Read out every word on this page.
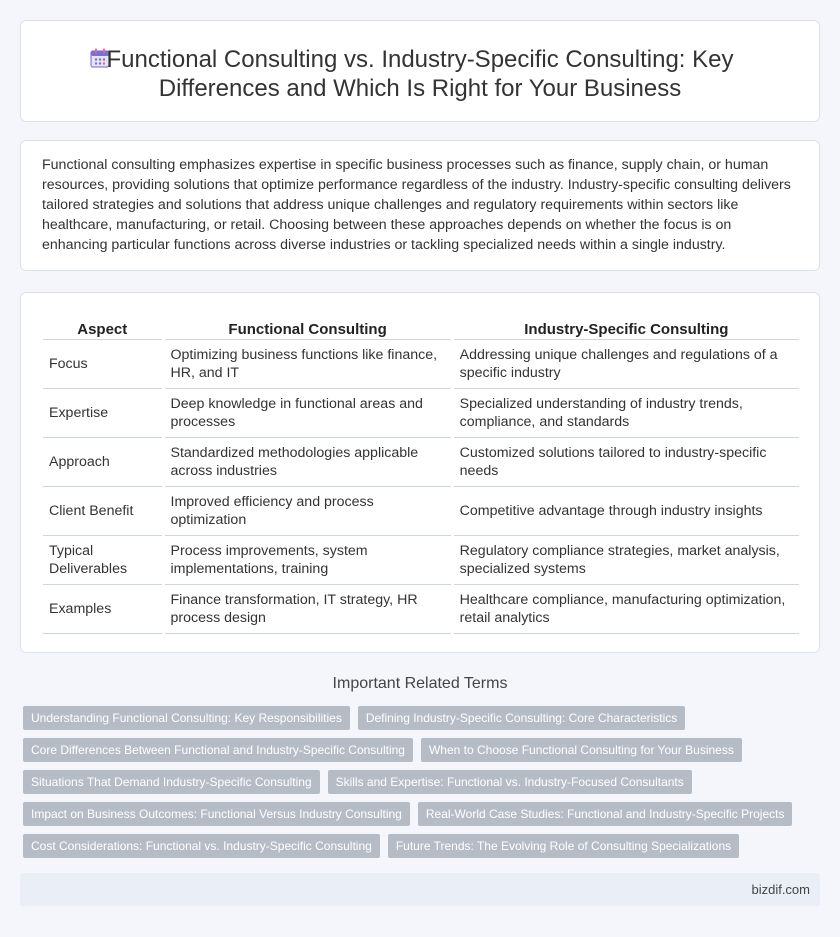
Functional Consulting vs. Industry-Specific Consulting: Key Differences and Which Is Right for Your Business

Functional consulting emphasizes expertise in specific business processes such as finance, supply chain, or human resources, providing solutions that optimize performance regardless of the industry. Industry-specific consulting delivers tailored strategies and solutions that address unique challenges and regulatory requirements within sectors like healthcare, manufacturing, or retail. Choosing between these approaches depends on whether the focus is on enhancing particular functions across diverse industries or tackling specialized needs within a single industry.

Aspect	Functional Consulting	Industry-Specific Consulting
Focus	Optimizing business functions like finance, HR, and IT	Addressing unique challenges and regulations of a specific industry
Expertise	Deep knowledge in functional areas and processes	Specialized understanding of industry trends, compliance, and standards
Approach	Standardized methodologies applicable across industries	Customized solutions tailored to industry-specific needs
Client Benefit	Improved efficiency and process optimization	Competitive advantage through industry insights
Typical Deliverables	Process improvements, system implementations, training	Regulatory compliance strategies, market analysis, specialized systems
Examples	Finance transformation, IT strategy, HR process design	Healthcare compliance, manufacturing optimization, retail analytics
Important Related Terms
Understanding Functional Consulting: Key Responsibilities	Defining Industry-Specific Consulting: Core Characteristics
Core Differences Between Functional and Industry-Specific Consulting	When to Choose Functional Consulting for Your Business
Situations That Demand Industry-Specific Consulting	Skills and Expertise: Functional vs. Industry-Focused Consultants
Impact on Business Outcomes: Functional Versus Industry Consulting	Real-World Case Studies: Functional and Industry-Specific Projects
Cost Considerations: Functional vs. Industry-Specific Consulting	Future Trends: The Evolving Role of Consulting Specializations
bizdif.com
